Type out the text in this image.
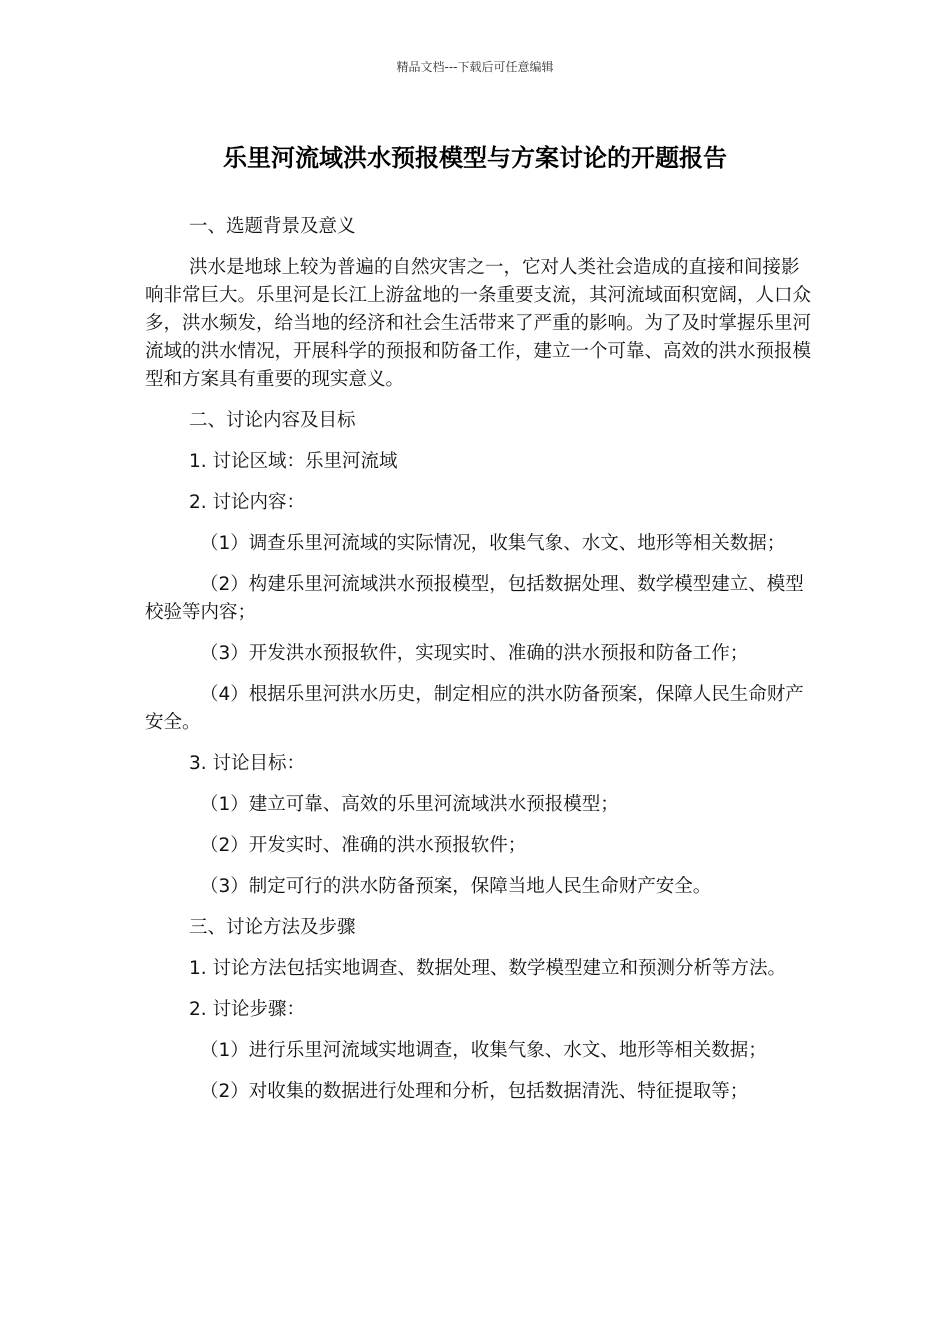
精品文档---下载后可任意编辑
乐里河流域洪水预报模型与方案讨论的开题报告

一、选题背景及意义

洪水是地球上较为普遍的自然灾害之一，它对人类社会造成的直接和间接影响非常巨大。乐里河是长江上游盆地的一条重要支流，其河流域面积宽阔，人口众多，洪水频发，给当地的经济和社会生活带来了严重的影响。为了及时掌握乐里河流域的洪水情况，开展科学的预报和防备工作，建立一个可靠、高效的洪水预报模型和方案具有重要的现实意义。

二、讨论内容及目标

1. 讨论区域：乐里河流域

2. 讨论内容：

（1）调查乐里河流域的实际情况，收集气象、水文、地形等相关数据；

（2）构建乐里河流域洪水预报模型，包括数据处理、数学模型建立、模型校验等内容；

（3）开发洪水预报软件，实现实时、准确的洪水预报和防备工作；

（4）根据乐里河洪水历史，制定相应的洪水防备预案，保障人民生命财产安全。

3. 讨论目标：

（1）建立可靠、高效的乐里河流域洪水预报模型；

（2）开发实时、准确的洪水预报软件；

（3）制定可行的洪水防备预案，保障当地人民生命财产安全。

三、讨论方法及步骤

1. 讨论方法包括实地调查、数据处理、数学模型建立和预测分析等方法。

2. 讨论步骤：

（1）进行乐里河流域实地调查，收集气象、水文、地形等相关数据；

（2）对收集的数据进行处理和分析，包括数据清洗、特征提取等；
